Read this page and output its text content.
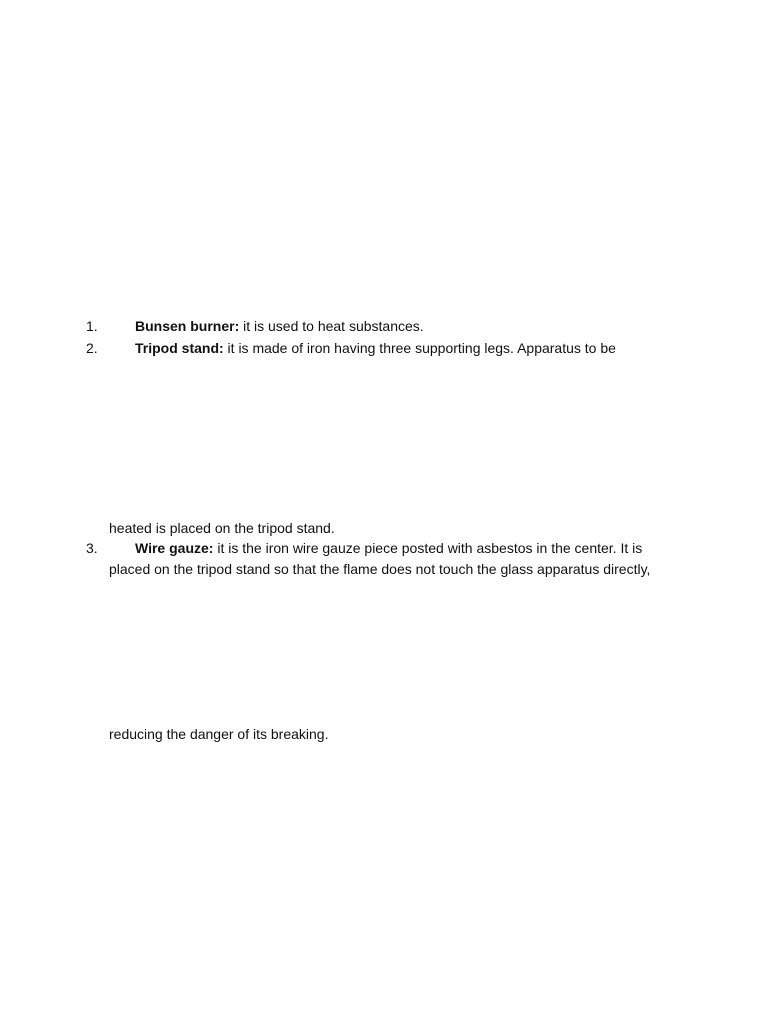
1.	Bunsen burner: it is used to heat substances.
2.	Tripod stand: it is made of iron having three supporting legs. Apparatus to be
heated is placed on the tripod stand.
3.	Wire gauze: it is the iron wire gauze piece posted with asbestos in the center. It is
placed on the tripod stand so that the flame does not touch the glass apparatus directly,
reducing the danger of its breaking.
